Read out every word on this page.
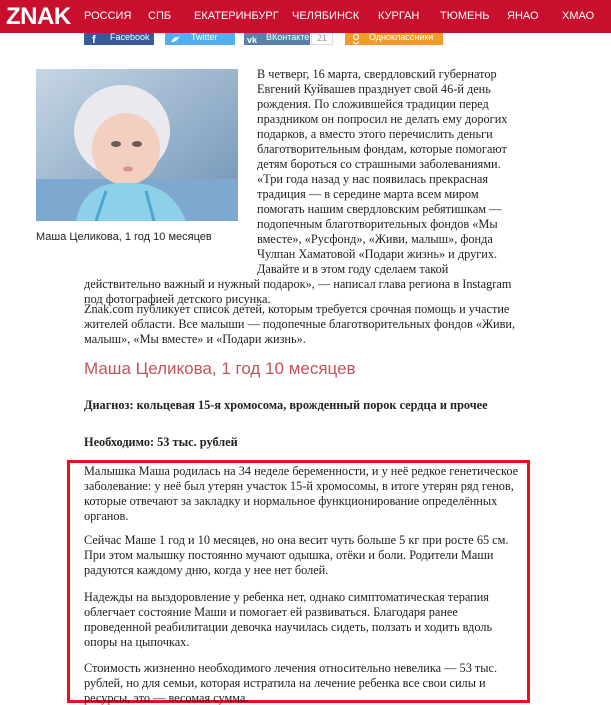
ZNAK РОССИЯ СПБ ЕКАТЕРИНБУРГ ЧЕЛЯБИНСК КУРГАН ТЮМЕНЬ ЯНАО ХМАО
f Facebook	Twitter	vk ВКонтакте 21	Одноклассники
Маша Целикова, 1 год 10 месяцев
В четверг, 16 марта, свердловский губернатор
Евгений Куйвашев празднует свой 46-й день
рождения. По сложившейся традиции перед
праздником он попросил не делать ему дорогих
подарков, а вместо этого перечислить деньги
благотворительным фондам, которые помогают
детям бороться со страшными заболеваниями.
«Три года назад у нас появилась прекрасная
традиция — в середине марта всем миром
помогать нашим свердловским ребятишкам —
подопечным благотворительных фондов «Мы
вместе», «Русфонд», «Живи, малыш», фонда
Чулпан Хаматовой «Подари жизнь» и других.
Давайте и в этом году сделаем такой
действительно важный и нужный подарок», — написал глава региона в Instagram
под фотографией детского рисунка.
Znak.com публикует список детей, которым требуется срочная помощь и участие
жителей области. Все малыши — подопечные благотворительных фондов «Живи,
малыш», «Мы вместе» и «Подари жизнь».
Маша Целикова, 1 год 10 месяцев
Диагноз: кольцевая 15-я хромосома, врожденный порок сердца и прочее
Необходимо: 53 тыс. рублей
Малышка Маша родилась на 34 неделе беременности, и у неё редкое генетическое
заболевание: у неё был утерян участок 15-й хромосомы, в итоге утерян ряд генов,
которые отвечают за закладку и нормальное функционирование определённых
органов.
Сейчас Маше 1 год и 10 месяцев, но она весит чуть больше 5 кг при росте 65 см.
При этом малышку постоянно мучают одышка, отёки и боли. Родители Маши
радуются каждому дню, когда у нее нет болей.
Надежды на выздоровление у ребенка нет, однако симптоматическая терапия
облегчает состояние Маши и помогает ей развиваться. Благодаря ранее
проведенной реабилитации девочка научилась сидеть, ползать и ходить вдоль
опоры на цыпочках.
Стоимость жизненно необходимого лечения относительно невелика — 53 тыс.
рублей, но для семьи, которая истратила на лечение ребенка все свои силы и
ресурсы, это — весомая сумма.
